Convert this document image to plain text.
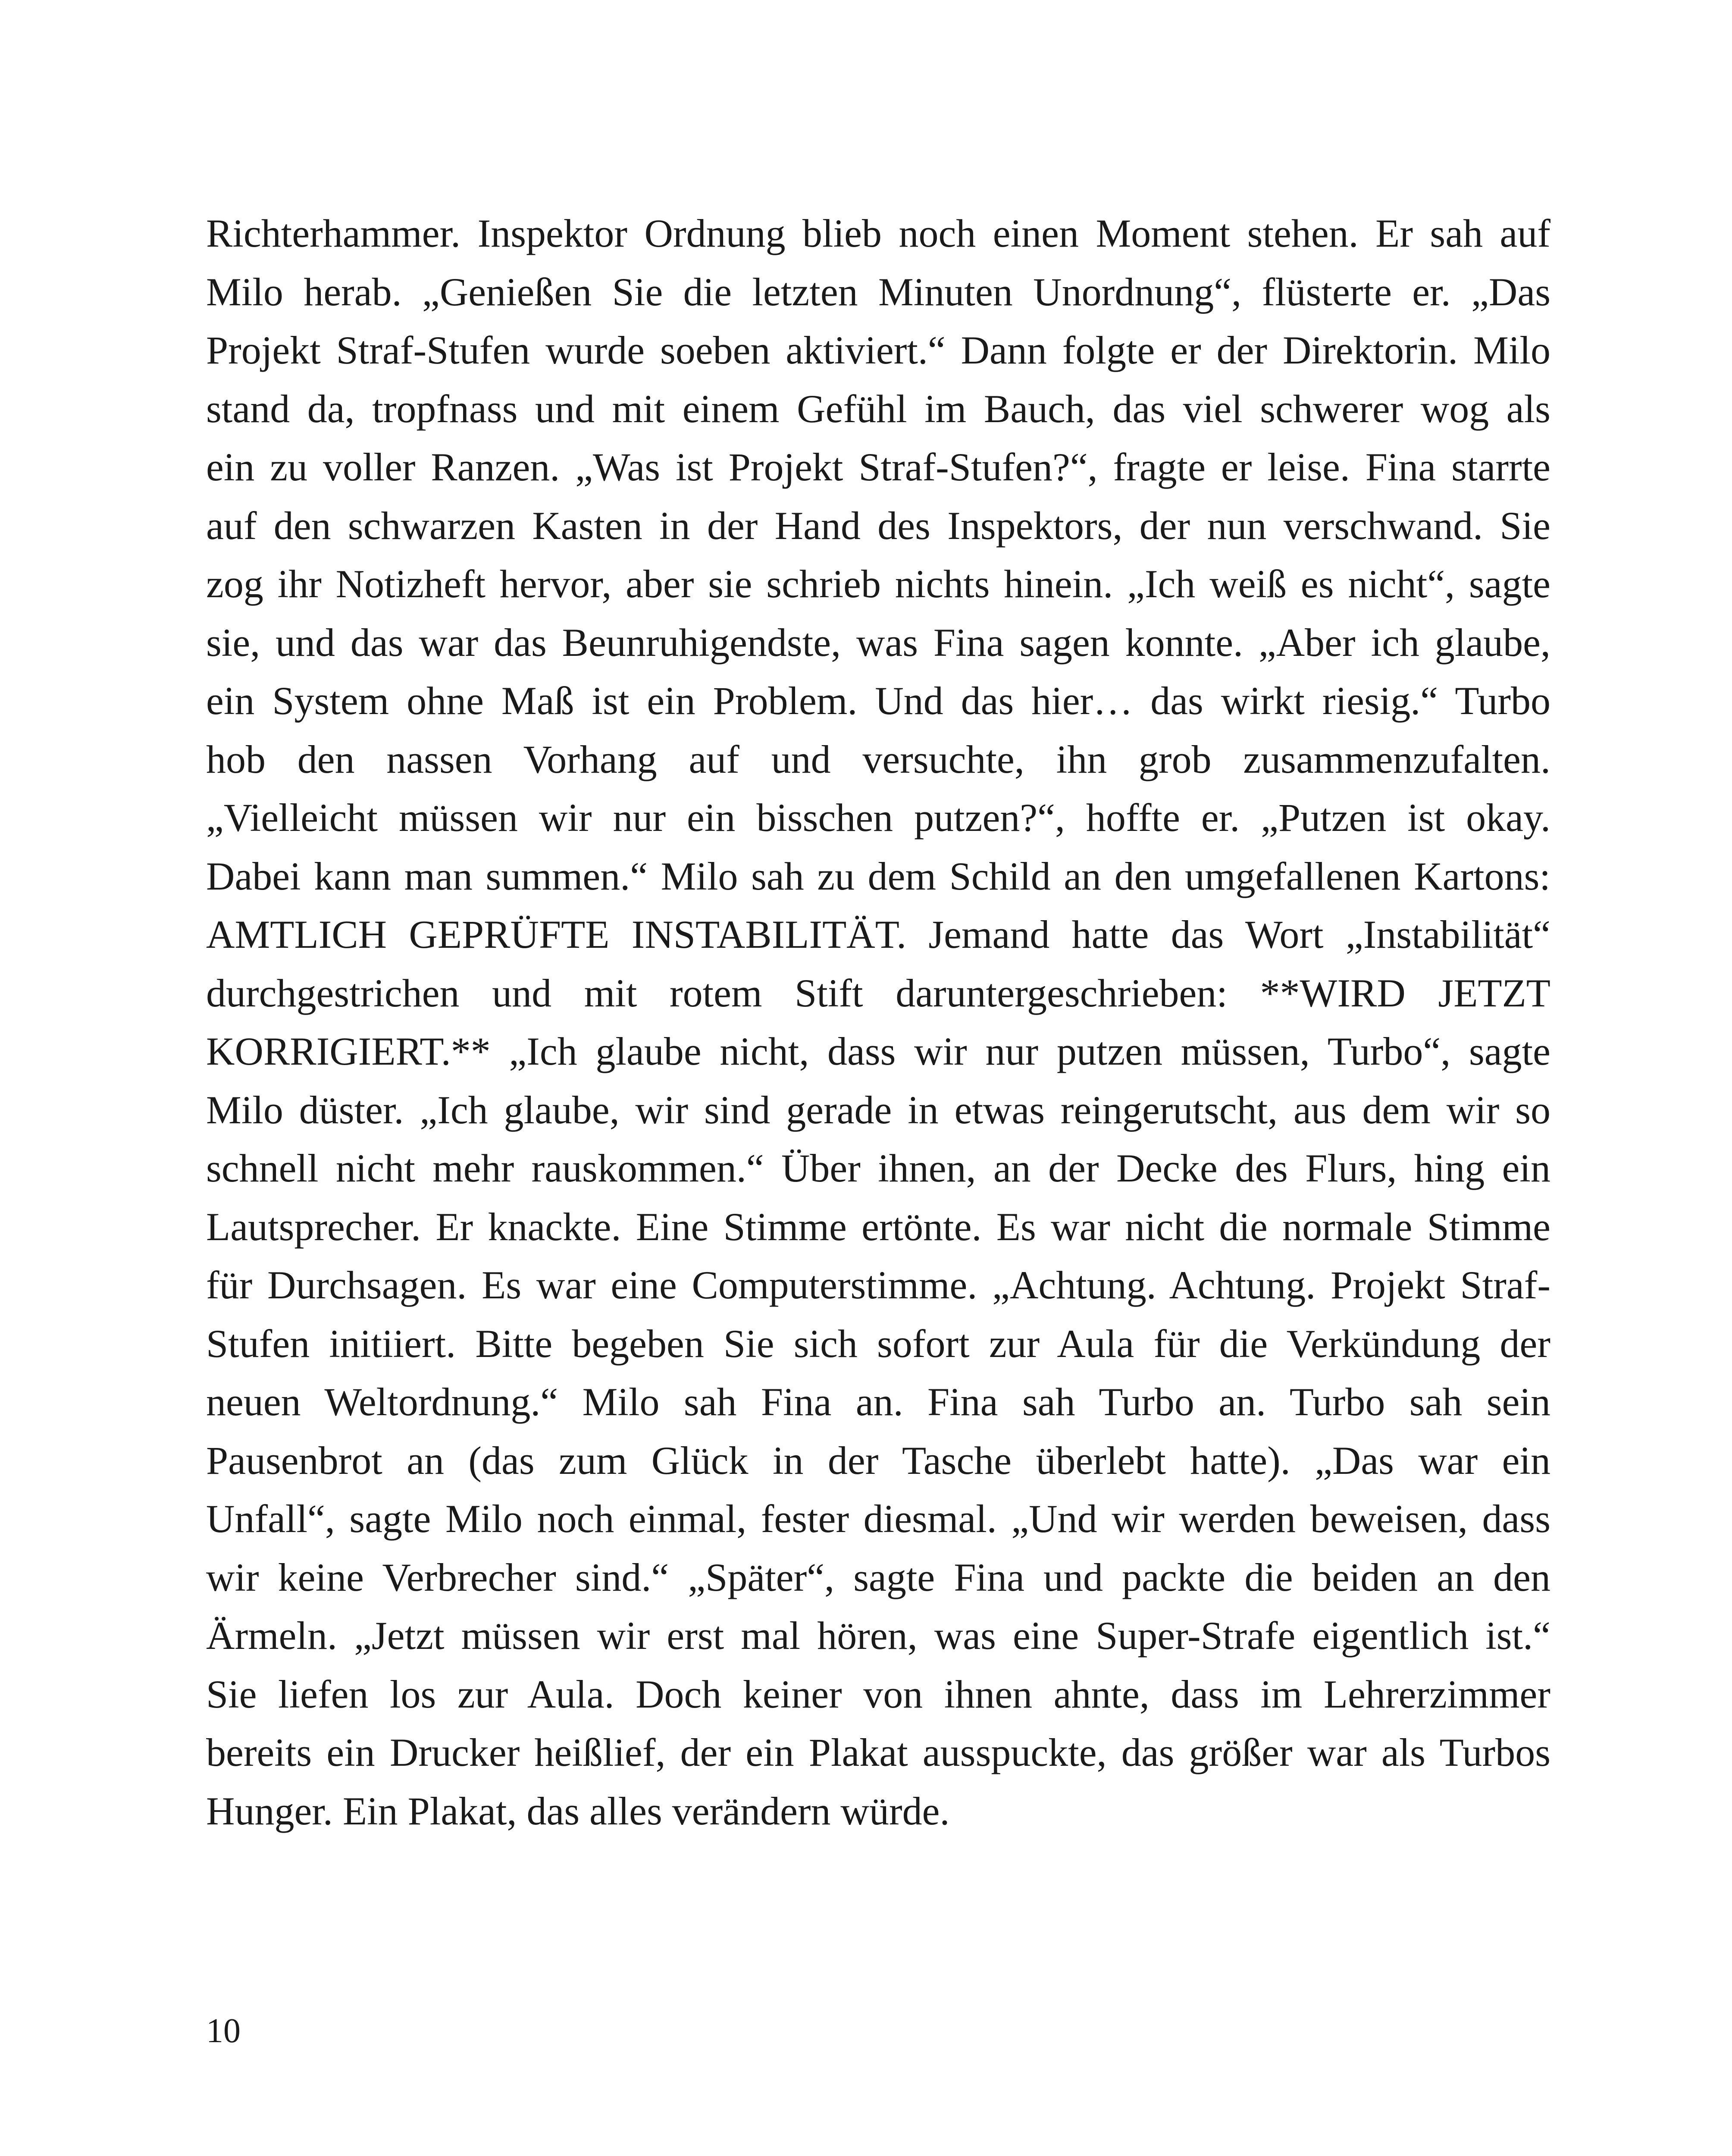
Richterhammer. Inspektor Ordnung blieb noch einen Moment stehen. Er sah auf
Milo herab. „Genießen Sie die letzten Minuten Unordnung“, flüsterte er. „Das
Projekt Straf-Stufen wurde soeben aktiviert.“ Dann folgte er der Direktorin. Milo
stand da, tropfnass und mit einem Gefühl im Bauch, das viel schwerer wog als
ein zu voller Ranzen. „Was ist Projekt Straf-Stufen?“, fragte er leise. Fina starrte
auf den schwarzen Kasten in der Hand des Inspektors, der nun verschwand. Sie
zog ihr Notizheft hervor, aber sie schrieb nichts hinein. „Ich weiß es nicht“, sagte
sie, und das war das Beunruhigendste, was Fina sagen konnte. „Aber ich glaube,
ein System ohne Maß ist ein Problem. Und das hier… das wirkt riesig.“ Turbo
hob den nassen Vorhang auf und versuchte, ihn grob zusammenzufalten.
„Vielleicht müssen wir nur ein bisschen putzen?“, hoffte er. „Putzen ist okay.
Dabei kann man summen.“ Milo sah zu dem Schild an den umgefallenen Kartons:
AMTLICH GEPRÜFTE INSTABILITÄT. Jemand hatte das Wort „Instabilität“
durchgestrichen und mit rotem Stift daruntergeschrieben: **WIRD JETZT
KORRIGIERT.** „Ich glaube nicht, dass wir nur putzen müssen, Turbo“, sagte
Milo düster. „Ich glaube, wir sind gerade in etwas reingerutscht, aus dem wir so
schnell nicht mehr rauskommen.“ Über ihnen, an der Decke des Flurs, hing ein
Lautsprecher. Er knackte. Eine Stimme ertönte. Es war nicht die normale Stimme
für Durchsagen. Es war eine Computerstimme. „Achtung. Achtung. Projekt Straf-
Stufen initiiert. Bitte begeben Sie sich sofort zur Aula für die Verkündung der
neuen Weltordnung.“ Milo sah Fina an. Fina sah Turbo an. Turbo sah sein
Pausenbrot an (das zum Glück in der Tasche überlebt hatte). „Das war ein
Unfall“, sagte Milo noch einmal, fester diesmal. „Und wir werden beweisen, dass
wir keine Verbrecher sind.“ „Später“, sagte Fina und packte die beiden an den
Ärmeln. „Jetzt müssen wir erst mal hören, was eine Super-Strafe eigentlich ist.“
Sie liefen los zur Aula. Doch keiner von ihnen ahnte, dass im Lehrerzimmer
bereits ein Drucker heißlief, der ein Plakat ausspuckte, das größer war als Turbos
Hunger. Ein Plakat, das alles verändern würde.
10
